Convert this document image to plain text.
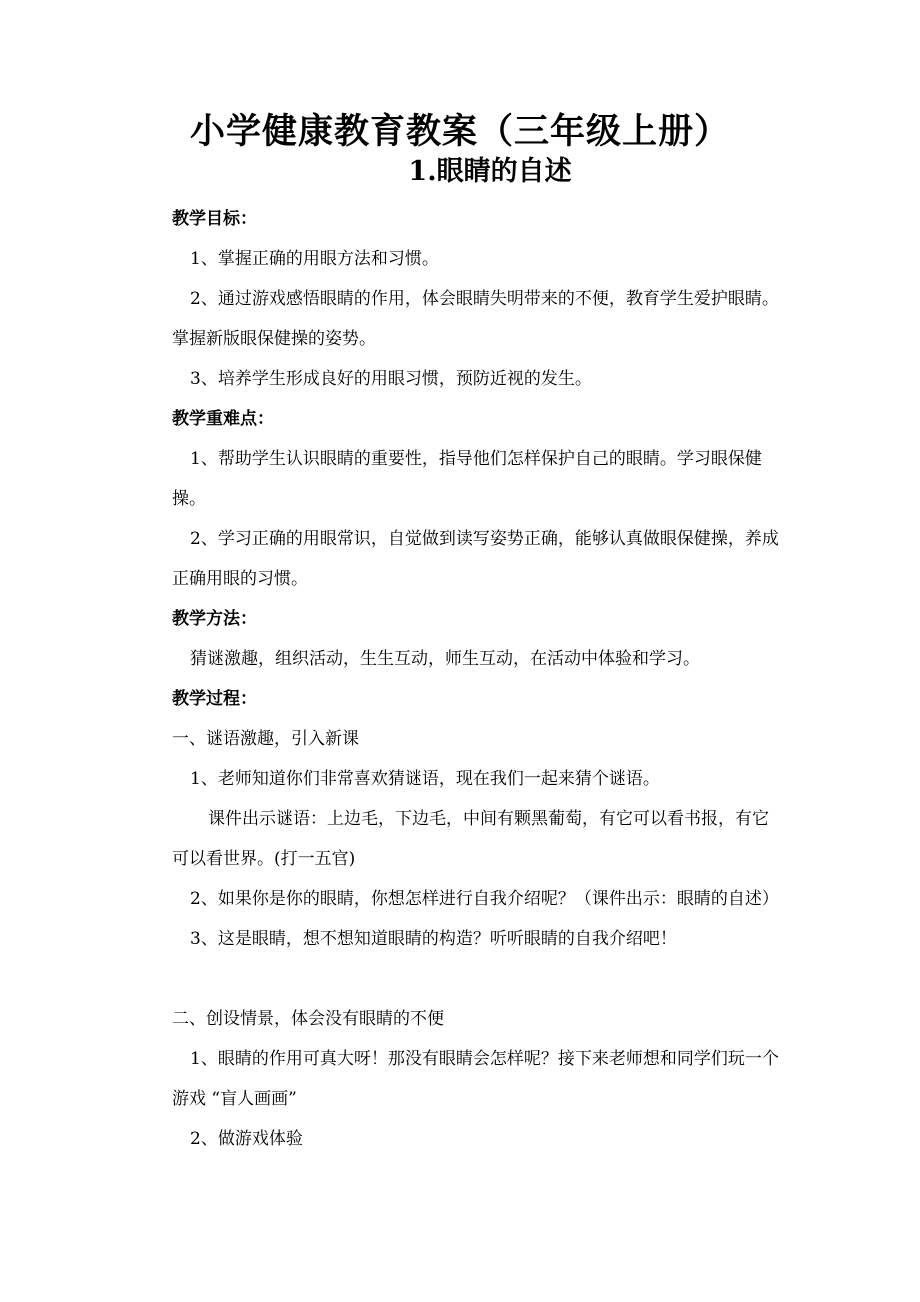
小学健康教育教案（三年级上册）
1.眼睛的自述

教学目标：

1、掌握正确的用眼方法和习惯。

2、通过游戏感悟眼睛的作用，体会眼睛失明带来的不便，教育学生爱护眼睛。掌握新版眼保健操的姿势。

3、培养学生形成良好的用眼习惯，预防近视的发生。

教学重难点：

1、帮助学生认识眼睛的重要性，指导他们怎样保护自己的眼睛。学习眼保健操。

2、学习正确的用眼常识，自觉做到读写姿势正确，能够认真做眼保健操，养成正确用眼的习惯。

教学方法：

猜谜激趣，组织活动，生生互动，师生互动，在活动中体验和学习。

教学过程：

一、谜语激趣，引入新课

1、老师知道你们非常喜欢猜谜语，现在我们一起来猜个谜语。

课件出示谜语：上边毛，下边毛，中间有颗黑葡萄，有它可以看书报，有它可以看世界。(打一五官)

2、如果你是你的眼睛，你想怎样进行自我介绍呢？（课件出示：眼睛的自述）

3、这是眼睛，想不想知道眼睛的构造？听听眼睛的自我介绍吧！

二、创设情景，体会没有眼睛的不便

1、眼睛的作用可真大呀！那没有眼睛会怎样呢？接下来老师想和同学们玩一个游戏 “盲人画画”

2、做游戏体验
